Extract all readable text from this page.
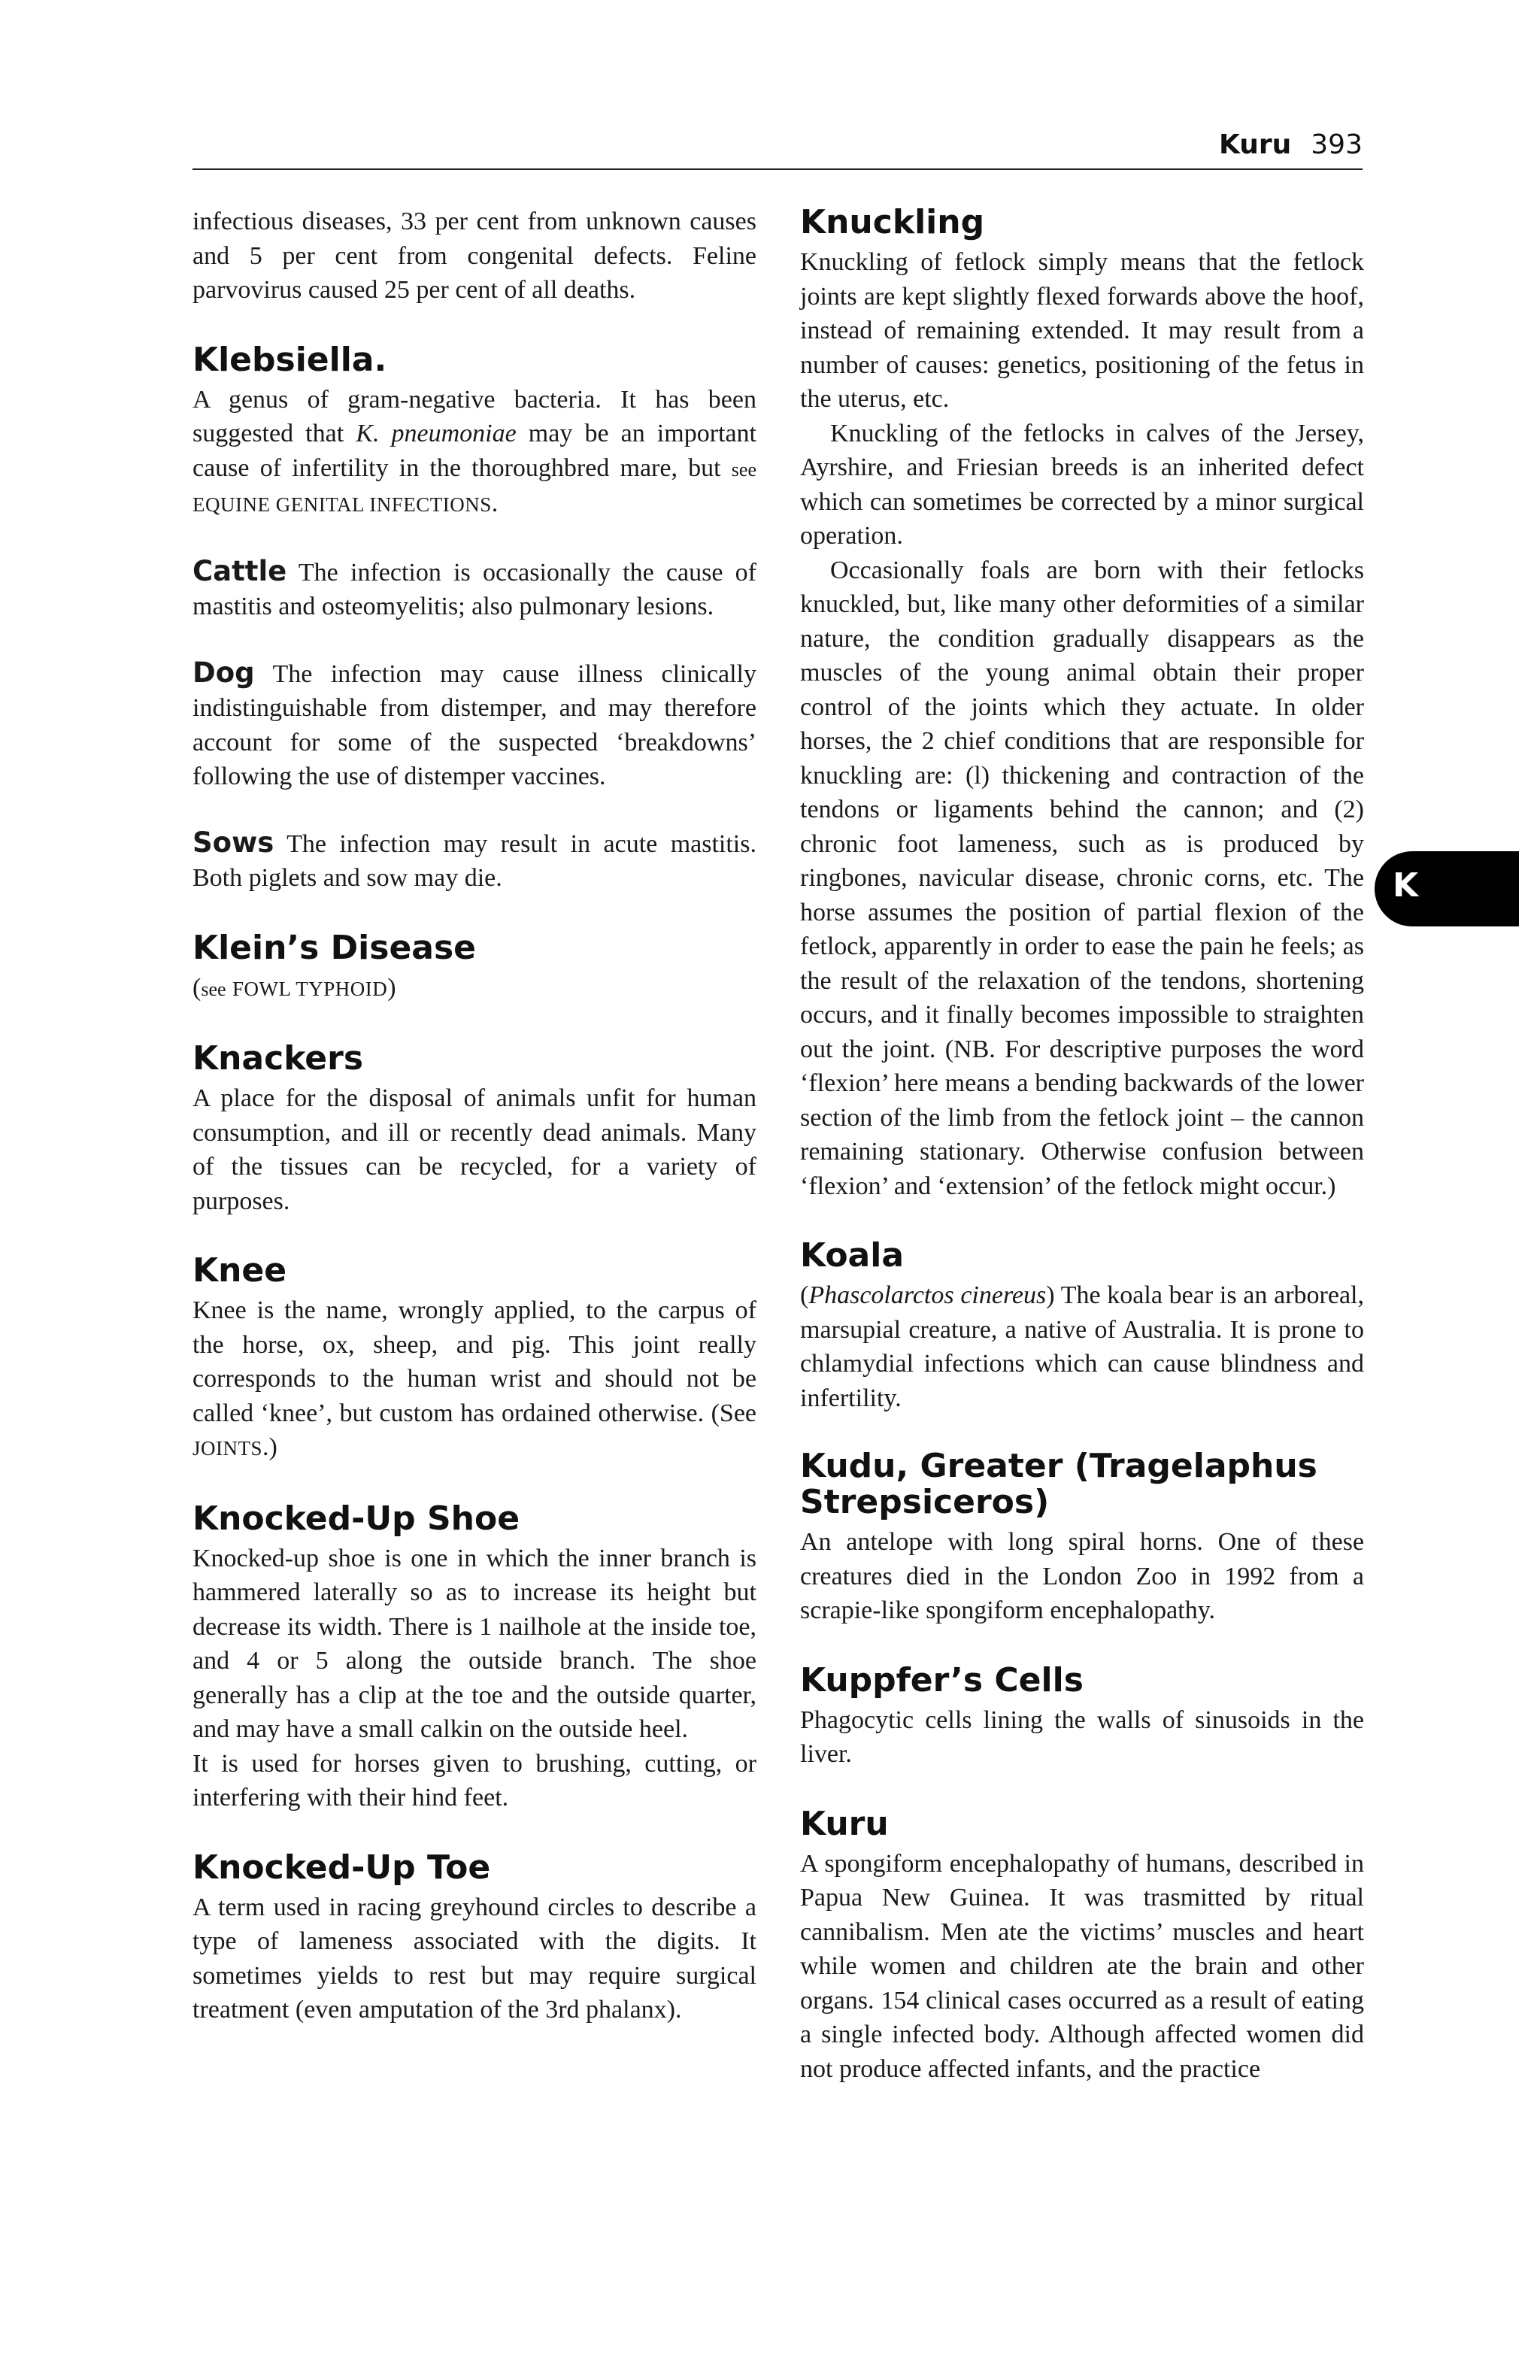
Kuru 393
K

infectious diseases, 33 per cent from unknown causes and 5 per cent from congenital defects. Feline parvovirus caused 25 per cent of all deaths.

Klebsiella.

A genus of gram-negative bacteria. It has been suggested that K. pneumoniae may be an important cause of infertility in the thoroughbred mare, but see EQUINE GENITAL INFECTIONS.

Cattle The infection is occasionally the cause of mastitis and osteomyelitis; also pulmonary lesions.

Dog The infection may cause illness clinically indistinguishable from distemper, and may therefore account for some of the suspected ‘breakdowns’ following the use of distemper vaccines.

Sows The infection may result in acute mastitis. Both piglets and sow may die.

Klein’s Disease

(see FOWL TYPHOID)

Knackers

A place for the disposal of animals unfit for human consumption, and ill or recently dead animals. Many of the tissues can be recycled, for a variety of purposes.

Knee

Knee is the name, wrongly applied, to the carpus of the horse, ox, sheep, and pig. This joint really corresponds to the human wrist and should not be called ‘knee’, but custom has ordained otherwise. (See JOINTS.)

Knocked-Up Shoe

Knocked-up shoe is one in which the inner branch is hammered laterally so as to increase its height but decrease its width. There is 1 nailhole at the inside toe, and 4 or 5 along the outside branch. The shoe generally has a clip at the toe and the outside quarter, and may have a small calkin on the outside heel.

It is used for horses given to brushing, cutting, or interfering with their hind feet.

Knocked-Up Toe

A term used in racing greyhound circles to describe a type of lameness associated with the digits. It sometimes yields to rest but may require surgical treatment (even amputation of the 3rd phalanx).

Knuckling

Knuckling of fetlock simply means that the fetlock joints are kept slightly flexed forwards above the hoof, instead of remaining extended. It may result from a number of causes: genetics, positioning of the fetus in the uterus, etc.

Knuckling of the fetlocks in calves of the Jersey, Ayrshire, and Friesian breeds is an inherited defect which can sometimes be corrected by a minor surgical operation.

Occasionally foals are born with their fetlocks knuckled, but, like many other deformities of a similar nature, the condition gradually disappears as the muscles of the young animal obtain their proper control of the joints which they actuate. In older horses, the 2 chief conditions that are responsible for knuckling are: (l) thickening and contraction of the tendons or ligaments behind the cannon; and (2) chronic foot lameness, such as is produced by ringbones, navicular disease, chronic corns, etc. The horse assumes the position of partial flexion of the fetlock, apparently in order to ease the pain he feels; as the result of the relaxation of the tendons, shortening occurs, and it finally becomes impossible to straighten out the joint. (NB. For descriptive purposes the word ‘flexion’ here means a bending backwards of the lower section of the limb from the fetlock joint – the cannon remaining stationary. Otherwise confusion between ‘flexion’ and ‘extension’ of the fetlock might occur.)

Koala

(Phascolarctos cinereus) The koala bear is an arboreal, marsupial creature, a native of Australia. It is prone to chlamydial infections which can cause blindness and infertility.

Kudu, Greater (Tragelaphus Strepsiceros)

An antelope with long spiral horns. One of these creatures died in the London Zoo in 1992 from a scrapie-like spongiform encephalopathy.

Kuppfer’s Cells

Phagocytic cells lining the walls of sinusoids in the liver.

Kuru

A spongiform encephalopathy of humans, described in Papua New Guinea. It was trasmitted by ritual cannibalism. Men ate the victims’ muscles and heart while women and children ate the brain and other organs. 154 clinical cases occurred as a result of eating a single infected body. Although affected women did not produce affected infants, and the practice
